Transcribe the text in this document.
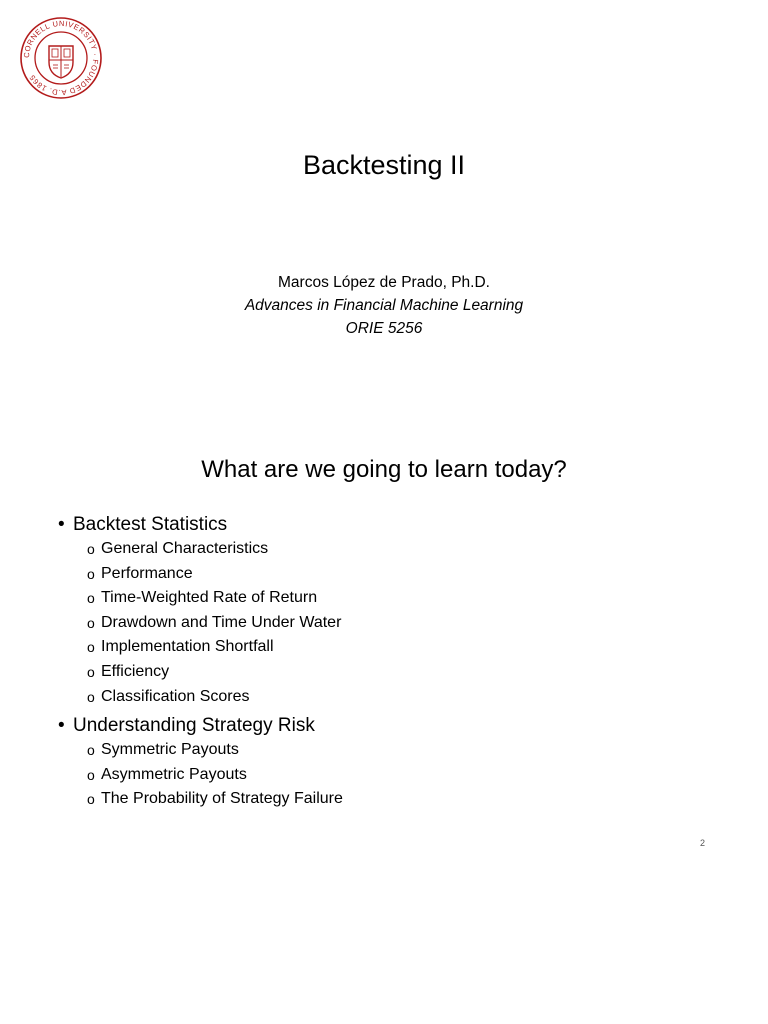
CORNELL UNIVERSITY · FOUNDED A.D. 1865
Backtesting II
Marcos López de Prado, Ph.D.
Advances in Financial Machine Learning
ORIE 5256
What are we going to learn today?
• Backtest Statistics
o General Characteristics
o Performance
o Time-Weighted Rate of Return
o Drawdown and Time Under Water
o Implementation Shortfall
o Efficiency
o Classification Scores
• Understanding Strategy Risk
o Symmetric Payouts
o Asymmetric Payouts
o The Probability of Strategy Failure
2
